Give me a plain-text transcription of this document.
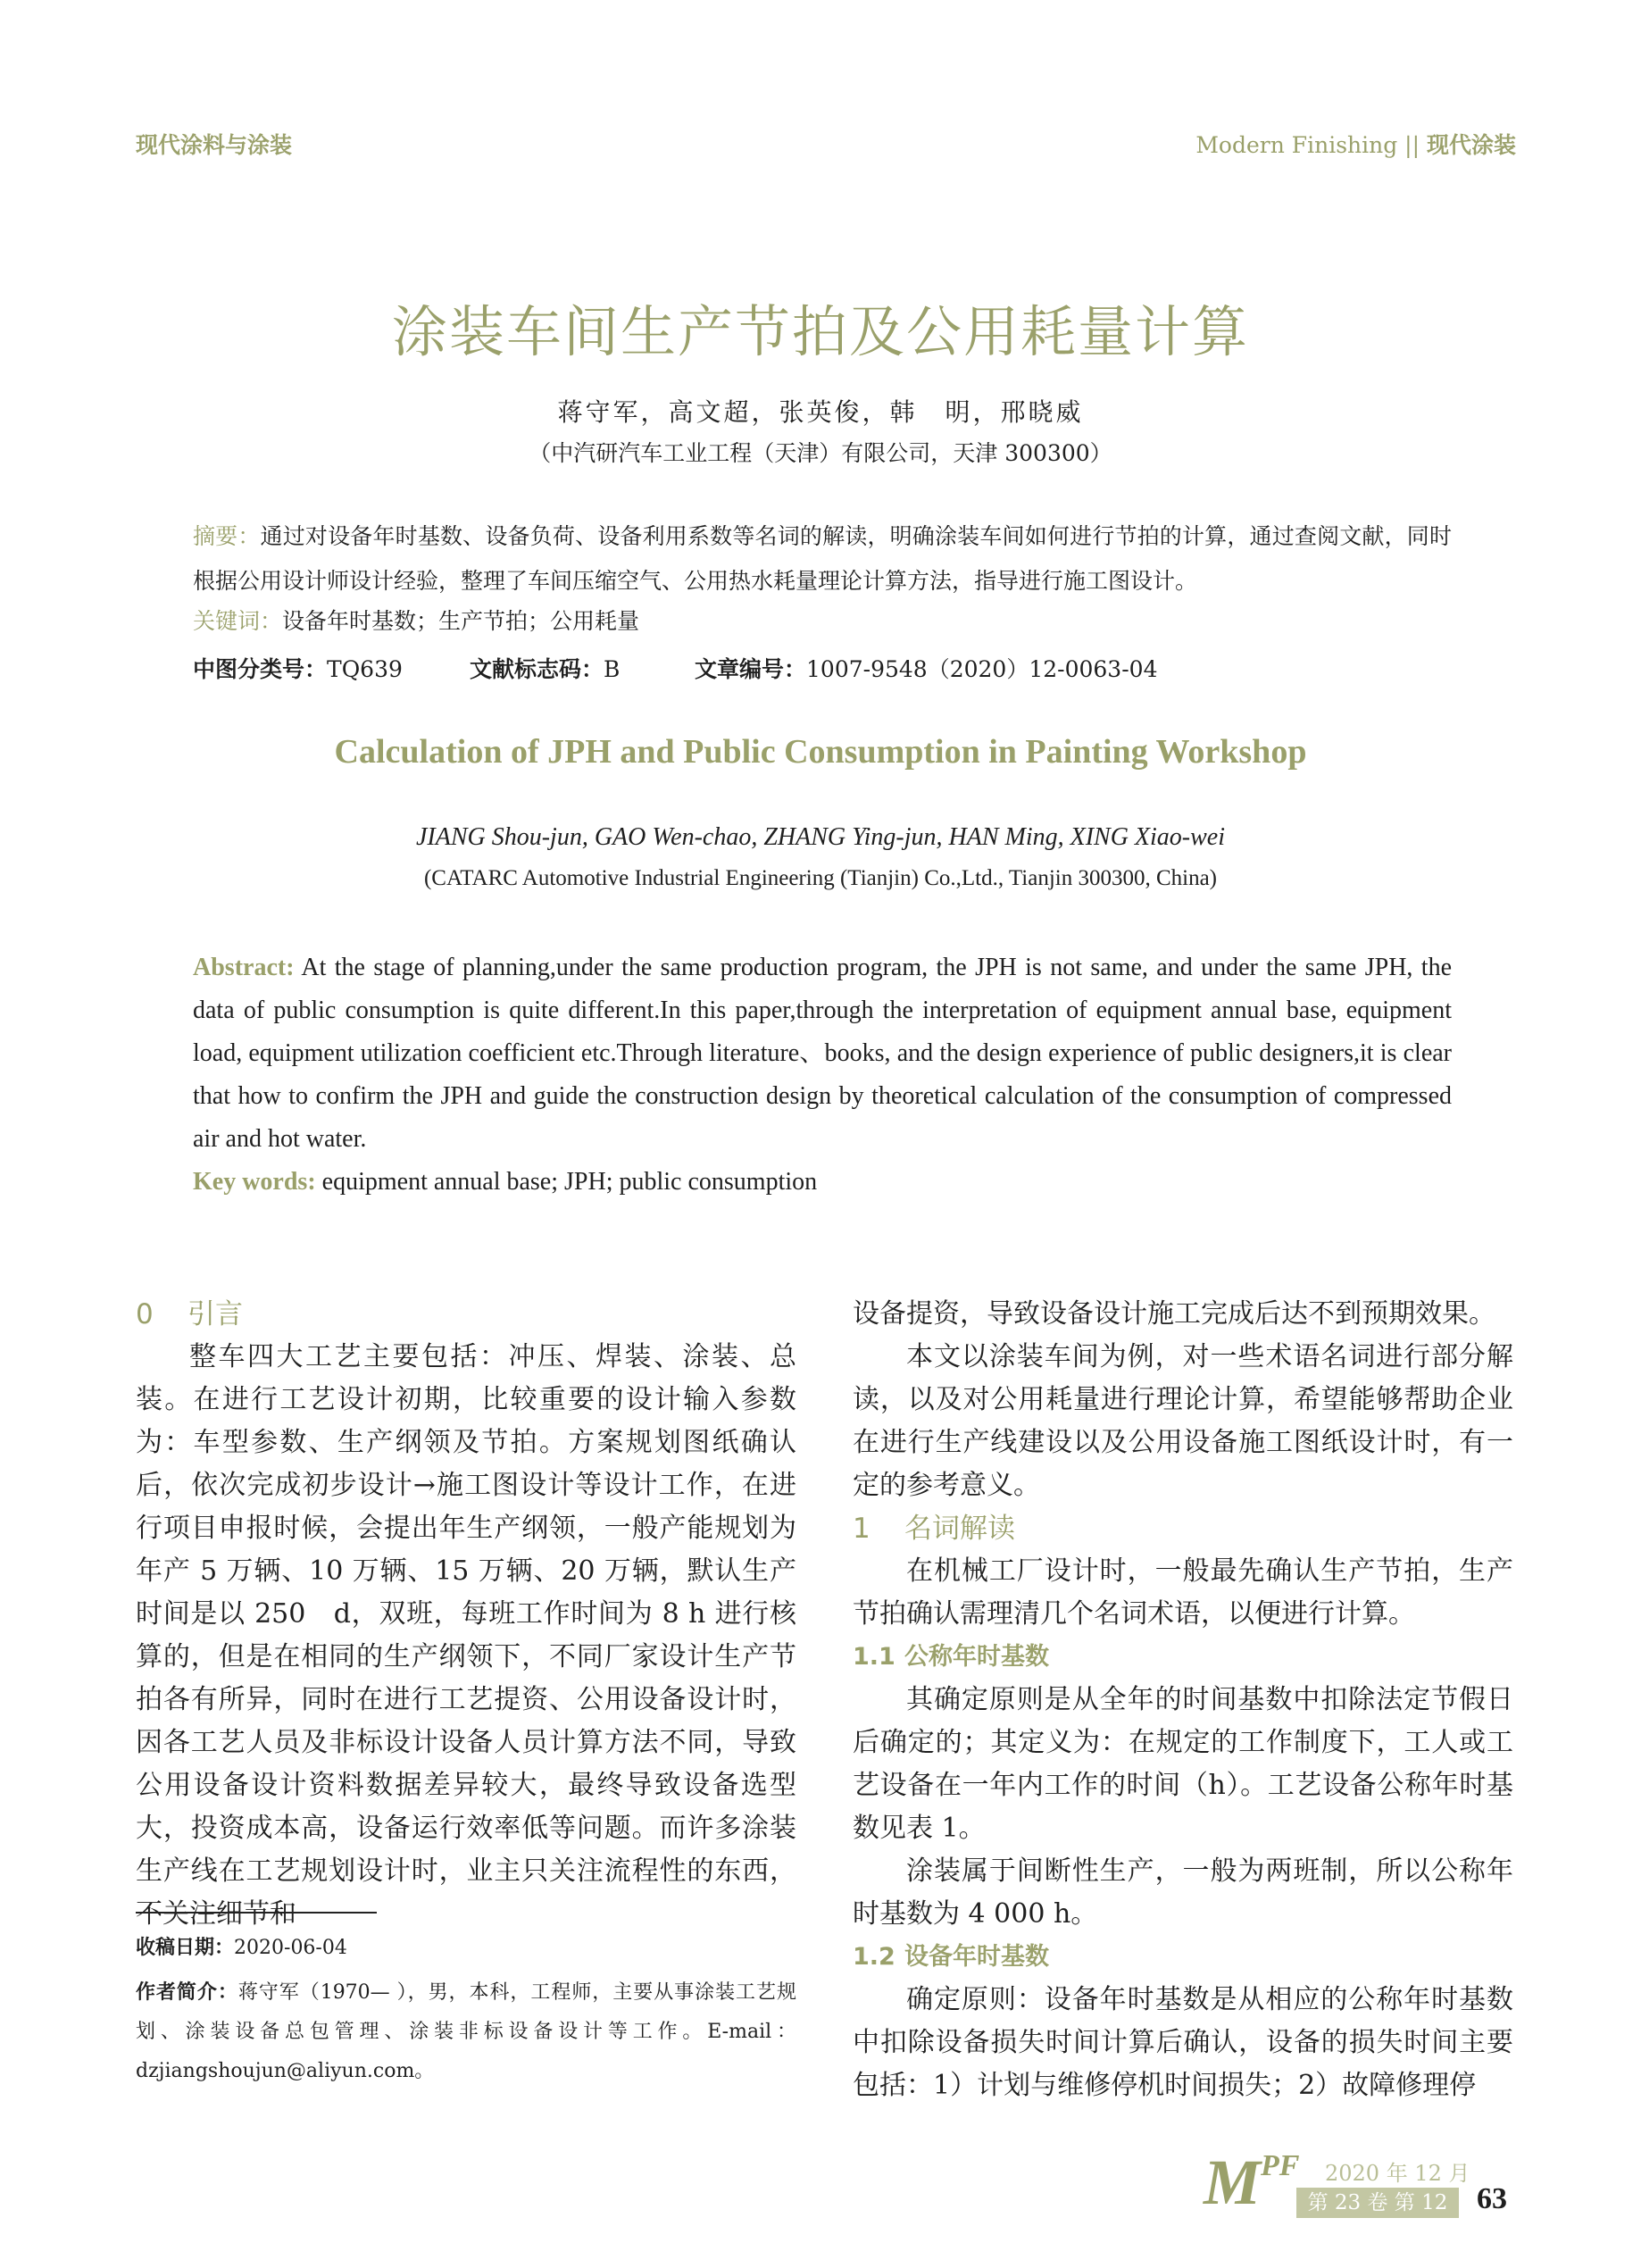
现代涂料与涂装	Modern Finishing || 现代涂装
涂装车间生产节拍及公用耗量计算
蒋守军，高文超，张英俊，韩　明，邢晓威
（中汽研汽车工业工程（天津）有限公司，天津 300300）
摘要：通过对设备年时基数、设备负荷、设备利用系数等名词的解读，明确涂装车间如何进行节拍的计算，通过查阅文献，同时根据公用设计师设计经验，整理了车间压缩空气、公用热水耗量理论计算方法，指导进行施工图设计。
关键词：设备年时基数；生产节拍；公用耗量
中图分类号：TQ639	文献标志码：B	文章编号：1007-9548（2020）12-0063-04
Calculation of JPH and Public Consumption in Painting Workshop
JIANG Shou-jun, GAO Wen-chao, ZHANG Ying-jun, HAN Ming, XING Xiao-wei
(CATARC Automotive Industrial Engineering (Tianjin) Co.,Ltd., Tianjin 300300, China)
Abstract: At the stage of planning,under the same production program, the JPH is not same, and under the same JPH, the data of public consumption is quite different.In this paper,through the interpretation of equipment annual base, equipment load, equipment utilization coefficient etc.Through literature、books, and the design experience of public designers,it is clear that how to confirm the JPH and guide the construction design by theoretical calculation of the consumption of compressed air and hot water.
Key words: equipment annual base; JPH; public consumption
0 引言

整车四大工艺主要包括：冲压、焊装、涂装、总装。在进行工艺设计初期，比较重要的设计输入参数为：车型参数、生产纲领及节拍。方案规划图纸确认后，依次完成初步设计→施工图设计等设计工作，在进行项目申报时候，会提出年生产纲领，一般产能规划为年产 5 万辆、10 万辆、15 万辆、20 万辆，默认生产时间是以 250　d，双班，每班工作时间为 8 h 进行核算的，但是在相同的生产纲领下，不同厂家设计生产节拍各有所异，同时在进行工艺提资、公用设备设计时，因各工艺人员及非标设计设备人员计算方法不同，导致公用设备设计资料数据差异较大，最终导致设备选型大，投资成本高，设备运行效率低等问题。而许多涂装生产线在工艺规划设计时，业主只关注流程性的东西，不关注细节和

设备提资，导致设备设计施工完成后达不到预期效果。

本文以涂装车间为例，对一些术语名词进行部分解读，以及对公用耗量进行理论计算，希望能够帮助企业在进行生产线建设以及公用设备施工图纸设计时，有一定的参考意义。

1 名词解读

在机械工厂设计时，一般最先确认生产节拍，生产节拍确认需理清几个名词术语，以便进行计算。

1.1 公称年时基数

其确定原则是从全年的时间基数中扣除法定节假日后确定的；其定义为：在规定的工作制度下，工人或工艺设备在一年内工作的时间（h）。工艺设备公称年时基数见表 1。

涂装属于间断性生产，一般为两班制，所以公称年时基数为 4 000 h。

1.2 设备年时基数

确定原则：设备年时基数是从相应的公称年时基数中扣除设备损失时间计算后确认，设备的损失时间主要包括：1）计划与维修停机时间损失；2）故障修理停

收稿日期：2020-06-04
作者简介：蒋守军（1970— ），男，本科，工程师，主要从事涂装工艺规划、涂装设备总包管理、涂装非标设备设计等工作。E-mail：dzjiangshoujun@aliyun.com。
M PF 2020 年 12 月
第 23 卷 第 12 期
63
